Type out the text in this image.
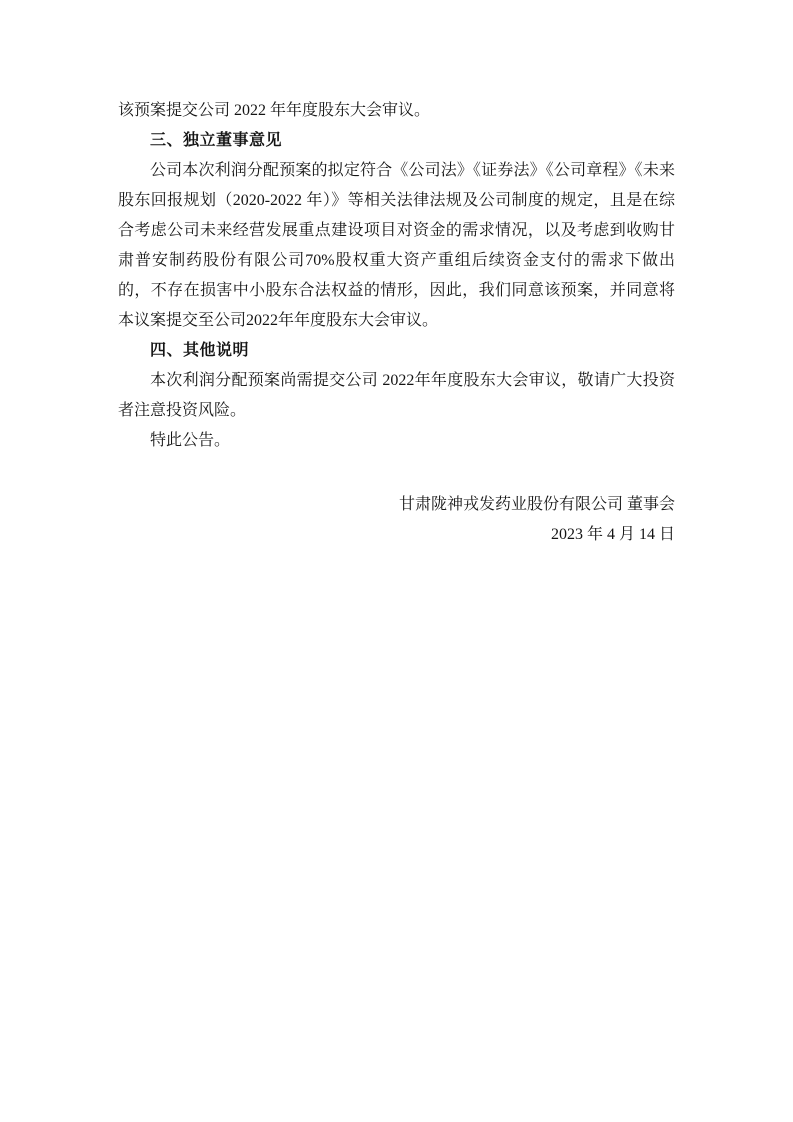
该预案提交公司 2022 年年度股东大会审议。

三、独立董事意见

公司本次利润分配预案的拟定符合《公司法》《证券法》《公司章程》《未来股东回报规划（2020-2022 年）》等相关法律法规及公司制度的规定，且是在综合考虑公司未来经营发展重点建设项目对资金的需求情况，以及考虑到收购甘肃普安制药股份有限公司70%股权重大资产重组后续资金支付的需求下做出的，不存在损害中小股东合法权益的情形，因此，我们同意该预案，并同意将本议案提交至公司2022年年度股东大会审议。

四、其他说明

本次利润分配预案尚需提交公司 2022年年度股东大会审议，敬请广大投资者注意投资风险。

特此公告。

甘肃陇神戎发药业股份有限公司 董事会

2023 年 4 月 14 日
